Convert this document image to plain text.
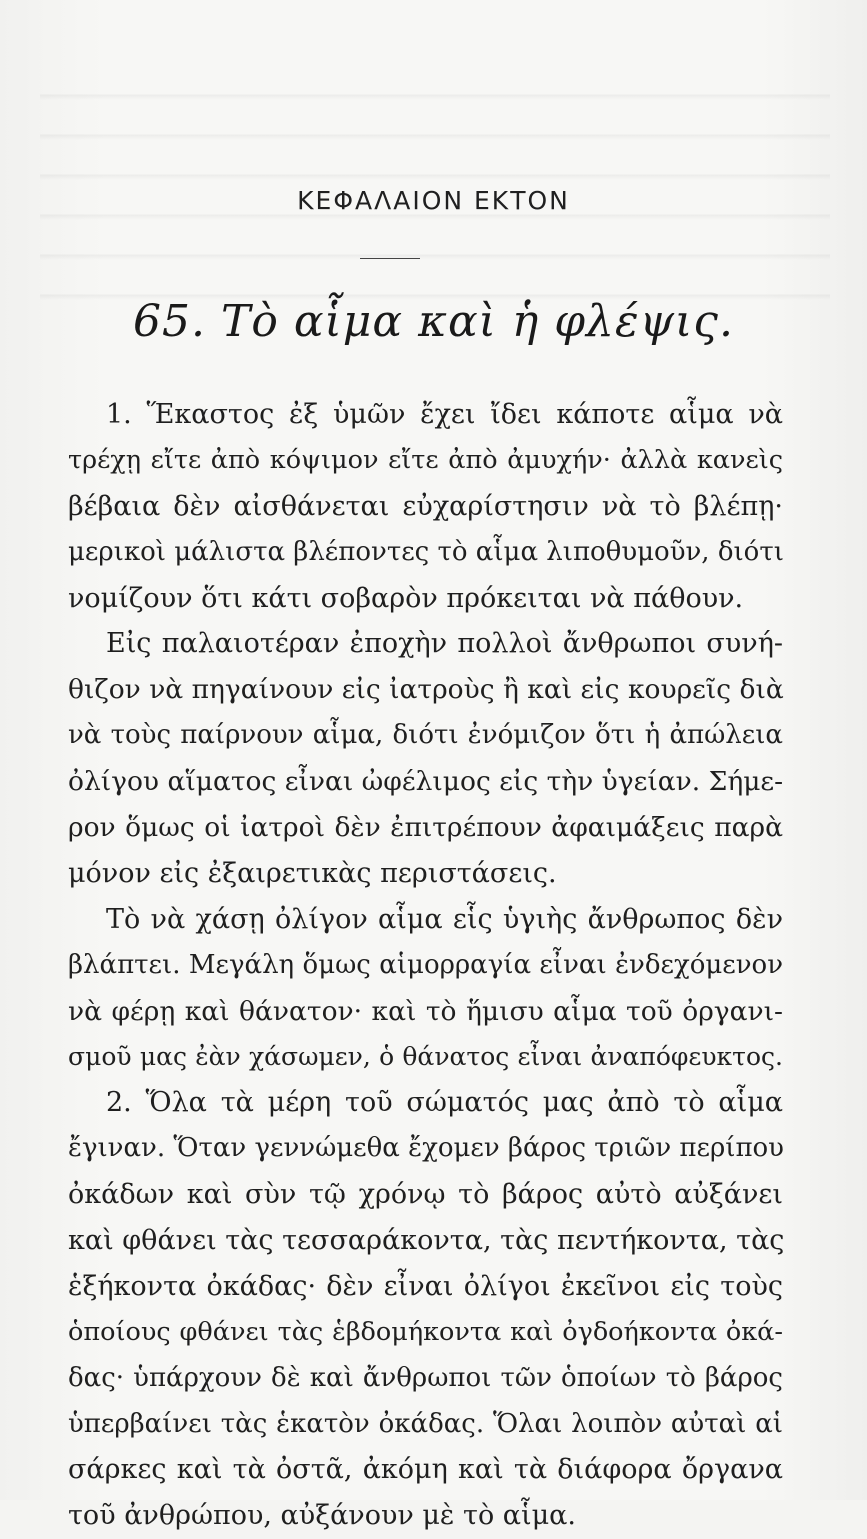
ΚΕΦΑΛΑΙΟΝ ΕΚΤΟΝ
65. Τὸ αἷμα καὶ ἡ φλέψις.
1. Ἕκαστος ἐξ ὑμῶν ἔχει ἴδει κάποτε αἷμα νὰ
τρέχῃ εἴτε ἀπὸ κόψιμον εἴτε ἀπὸ ἀμυχήν· ἀλλὰ κανεὶς
βέβαια δὲν αἰσθάνεται εὐχαρίστησιν νὰ τὸ βλέπῃ·
μερικοὶ μάλιστα βλέποντες τὸ αἷμα λιποθυμοῦν, διότι
νομίζουν ὅτι κάτι σοβαρὸν πρόκειται νὰ πάθουν.
Εἰς παλαιοτέραν ἐποχὴν πολλοὶ ἄνθρωποι συνή-
θιζον νὰ πηγαίνουν εἰς ἰατροὺς ἢ καὶ εἰς κουρεῖς διὰ
νὰ τοὺς παίρνουν αἷμα, διότι ἐνόμιζον ὅτι ἡ ἀπώλεια
ὀλίγου αἵματος εἶναι ὠφέλιμος εἰς τὴν ὑγείαν. Σήμε-
ρον ὅμως οἱ ἰατροὶ δὲν ἐπιτρέπουν ἀφαιμάξεις παρὰ
μόνον εἰς ἐξαιρετικὰς περιστάσεις.
Τὸ νὰ χάσῃ ὀλίγον αἷμα εἷς ὑγιὴς ἄνθρωπος δὲν
βλάπτει. Μεγάλη ὅμως αἱμορραγία εἶναι ἐνδεχόμενον
νὰ φέρῃ καὶ θάνατον· καὶ τὸ ἥμισυ αἷμα τοῦ ὀργανι-
σμοῦ μας ἐὰν χάσωμεν, ὁ θάνατος εἶναι ἀναπόφευκτος.
2. Ὅλα τὰ μέρη τοῦ σώματός μας ἀπὸ τὸ αἷμα
ἔγιναν. Ὅταν γεννώμεθα ἔχομεν βάρος τριῶν περίπου
ὀκάδων καὶ σὺν τῷ χρόνῳ τὸ βάρος αὐτὸ αὐξάνει
καὶ φθάνει τὰς τεσσαράκοντα, τὰς πεντήκοντα, τὰς
ἑξήκοντα ὀκάδας· δὲν εἶναι ὀλίγοι ἐκεῖνοι εἰς τοὺς
ὁποίους φθάνει τὰς ἑβδομήκοντα καὶ ὀγδοήκοντα ὀκά-
δας· ὑπάρχουν δὲ καὶ ἄνθρωποι τῶν ὁποίων τὸ βάρος
ὑπερβαίνει τὰς ἑκατὸν ὀκάδας. Ὅλαι λοιπὸν αὐταὶ αἱ
σάρκες καὶ τὰ ὀστᾶ, ἀκόμη καὶ τὰ διάφορα ὄργανα
τοῦ ἀνθρώπου, αὐξάνουν μὲ τὸ αἷμα.
